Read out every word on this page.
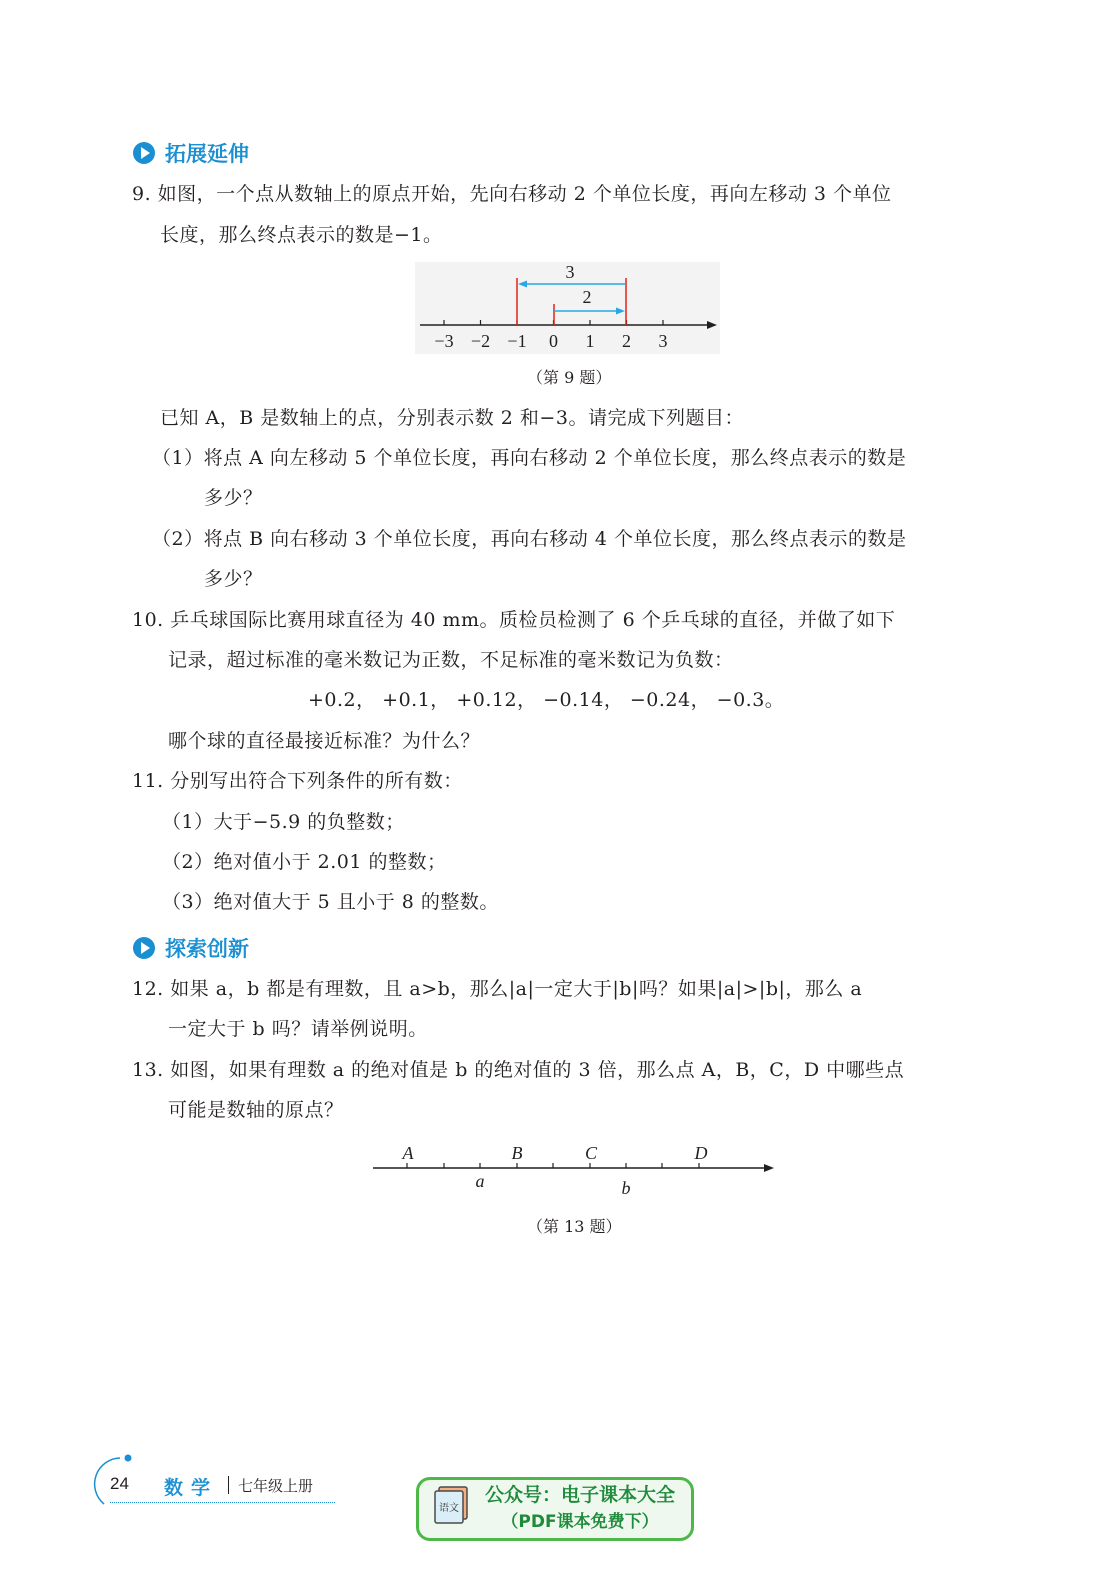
拓展延伸
9. 如图，一个点从数轴上的原点开始，先向右移动 2 个单位长度，再向左移动 3 个单位
长度，那么终点表示的数是−1。
−3 −2 −1 0 1 2 3
3
2
（第 9 题）
已知 A，B 是数轴上的点，分别表示数 2 和−3。请完成下列题目：
（1）将点 A 向左移动 5 个单位长度，再向右移动 2 个单位长度，那么终点表示的数是
多少？
（2）将点 B 向右移动 3 个单位长度，再向右移动 4 个单位长度，那么终点表示的数是
多少？
10. 乒乓球国际比赛用球直径为 40 mm。质检员检测了 6 个乒乓球的直径，并做了如下
记录，超过标准的毫米数记为正数，不足标准的毫米数记为负数：
+0.2， +0.1， +0.12， −0.14， −0.24， −0.3。
哪个球的直径最接近标准？为什么？
11. 分别写出符合下列条件的所有数：
（1）大于−5.9 的负整数；
（2）绝对值小于 2.01 的整数；
（3）绝对值大于 5 且小于 8 的整数。
探索创新
12. 如果 a，b 都是有理数，且 a>b，那么|a|一定大于|b|吗？如果|a|>|b|，那么 a
一定大于 b 吗？请举例说明。
13. 如图，如果有理数 a 的绝对值是 b 的绝对值的 3 倍，那么点 A，B，C，D 中哪些点
可能是数轴的原点？
A	B	C	D
a	b
（第 13 题）
24 数学 七年级上册
语文
公众号：电子课本大全
（PDF课本免费下）
